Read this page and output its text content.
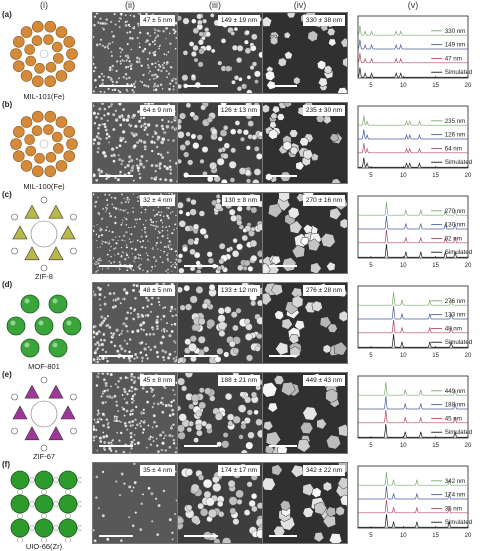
(i)	(ii)	(iii)	(iv)	(v)
(a)
MIL-101(Fe)
47 ± 5 nm	149 ± 19 nm	330 ± 38 nm
5	10	15	20
330 nm
149 nm
47 nm
Simulated
(b)
MIL-100(Fe)
64 ± 9 nm	126 ± 13 nm	235 ± 30 nm
5	10	15	20
235 nm
126 nm
64 nm
Simulated
(c)
ZIF-8
32 ± 4 nm	130 ± 8 nm	270 ± 16 nm
5	10	15	20
270 nm
130 nm
32 nm
Simulated
(d)
MOF-801
48 ± 5 nm	133 ± 12 nm	276 ± 28 nm
5	10	15	20
276 nm
133 nm
48 nm
Simulated
(e)
ZIF-67
45 ± 8 nm	188 ± 21 nm	449 ± 43 nm
5	10	15	20
449 nm
188 nm
45 nm
Simulated
(f)
UIO-66(Zr)
35 ± 4 nm	174 ± 17 nm	342 ± 22 nm
5	10	15	20
342 nm
174 nm
35 nm
Simulated
